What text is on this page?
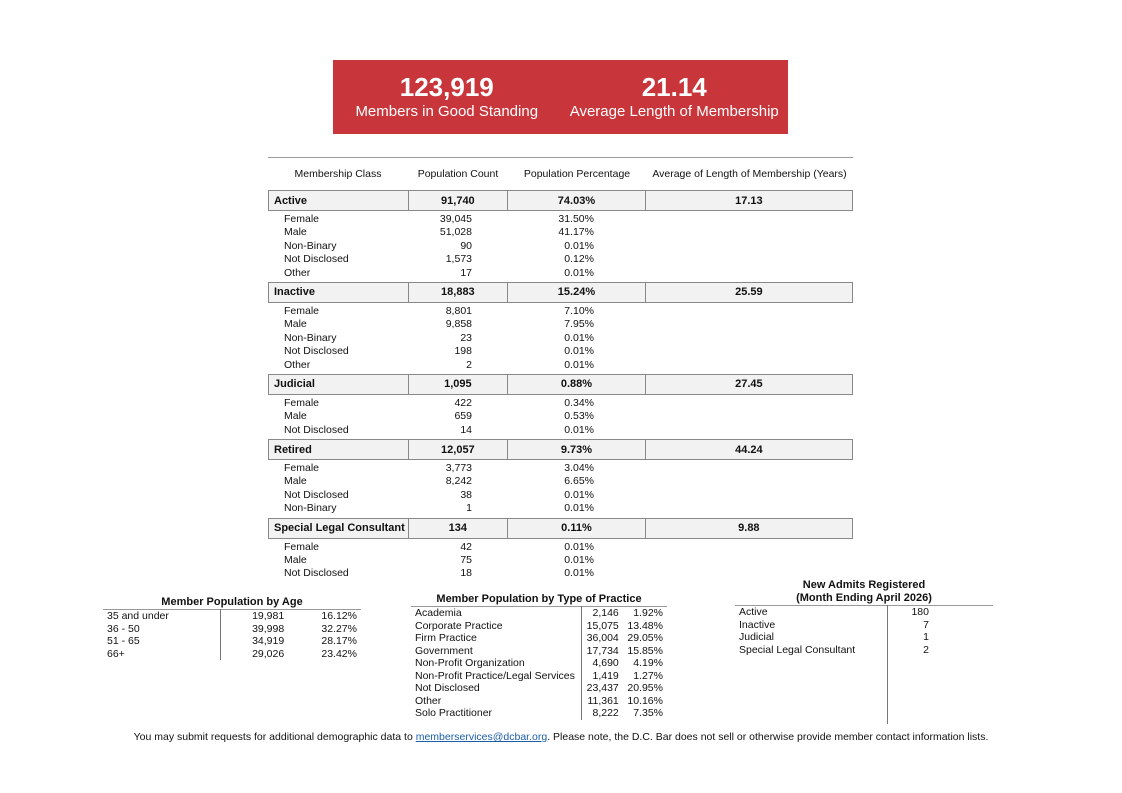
123,919
Members in Good Standing
21.14
Average Length of Membership
Membership Class	Population Count	Population Percentage	Average of Length of Membership (Years)
Active	91,740	74.03%	17.13
Female	39,045	31.50%
Male	51,028	41.17%
Non-Binary	90	0.01%
Not Disclosed	1,573	0.12%
Other	17	0.01%
Inactive	18,883	15.24%	25.59
Female	8,801	7.10%
Male	9,858	7.95%
Non-Binary	23	0.01%
Not Disclosed	198	0.01%
Other	2	0.01%
Judicial	1,095	0.88%	27.45
Female	422	0.34%
Male	659	0.53%
Not Disclosed	14	0.01%
Retired	12,057	9.73%	44.24
Female	3,773	3.04%
Male	8,242	6.65%
Not Disclosed	38	0.01%
Non-Binary	1	0.01%
Special Legal Consultant	134	0.11%	9.88
Female	42	0.01%
Male	75	0.01%
Not Disclosed	18	0.01%
Member Population by Age
35 and under	19,981	16.12%
36 - 50	39,998	32.27%
51 - 65	34,919	28.17%
66+	29,026	23.42%
Member Population by Type of Practice
Academia	2,146	1.92%
Corporate Practice	15,075	13.48%
Firm Practice	36,004	29.05%
Government	17,734	15.85%
Non-Profit Organization	4,690	4.19%
Non-Profit Practice/Legal Services	1,419	1.27%
Not Disclosed	23,437	20.95%
Other	11,361	10.16%
Solo Practitioner	8,222	7.35%
New Admits Registered
(Month Ending April 2026)
Active	180
Inactive	7
Judicial	1
Special Legal Consultant	2

You may submit requests for additional demographic data to memberservices@dcbar.org. Please note, the D.C. Bar does not sell or otherwise provide member contact information lists.
